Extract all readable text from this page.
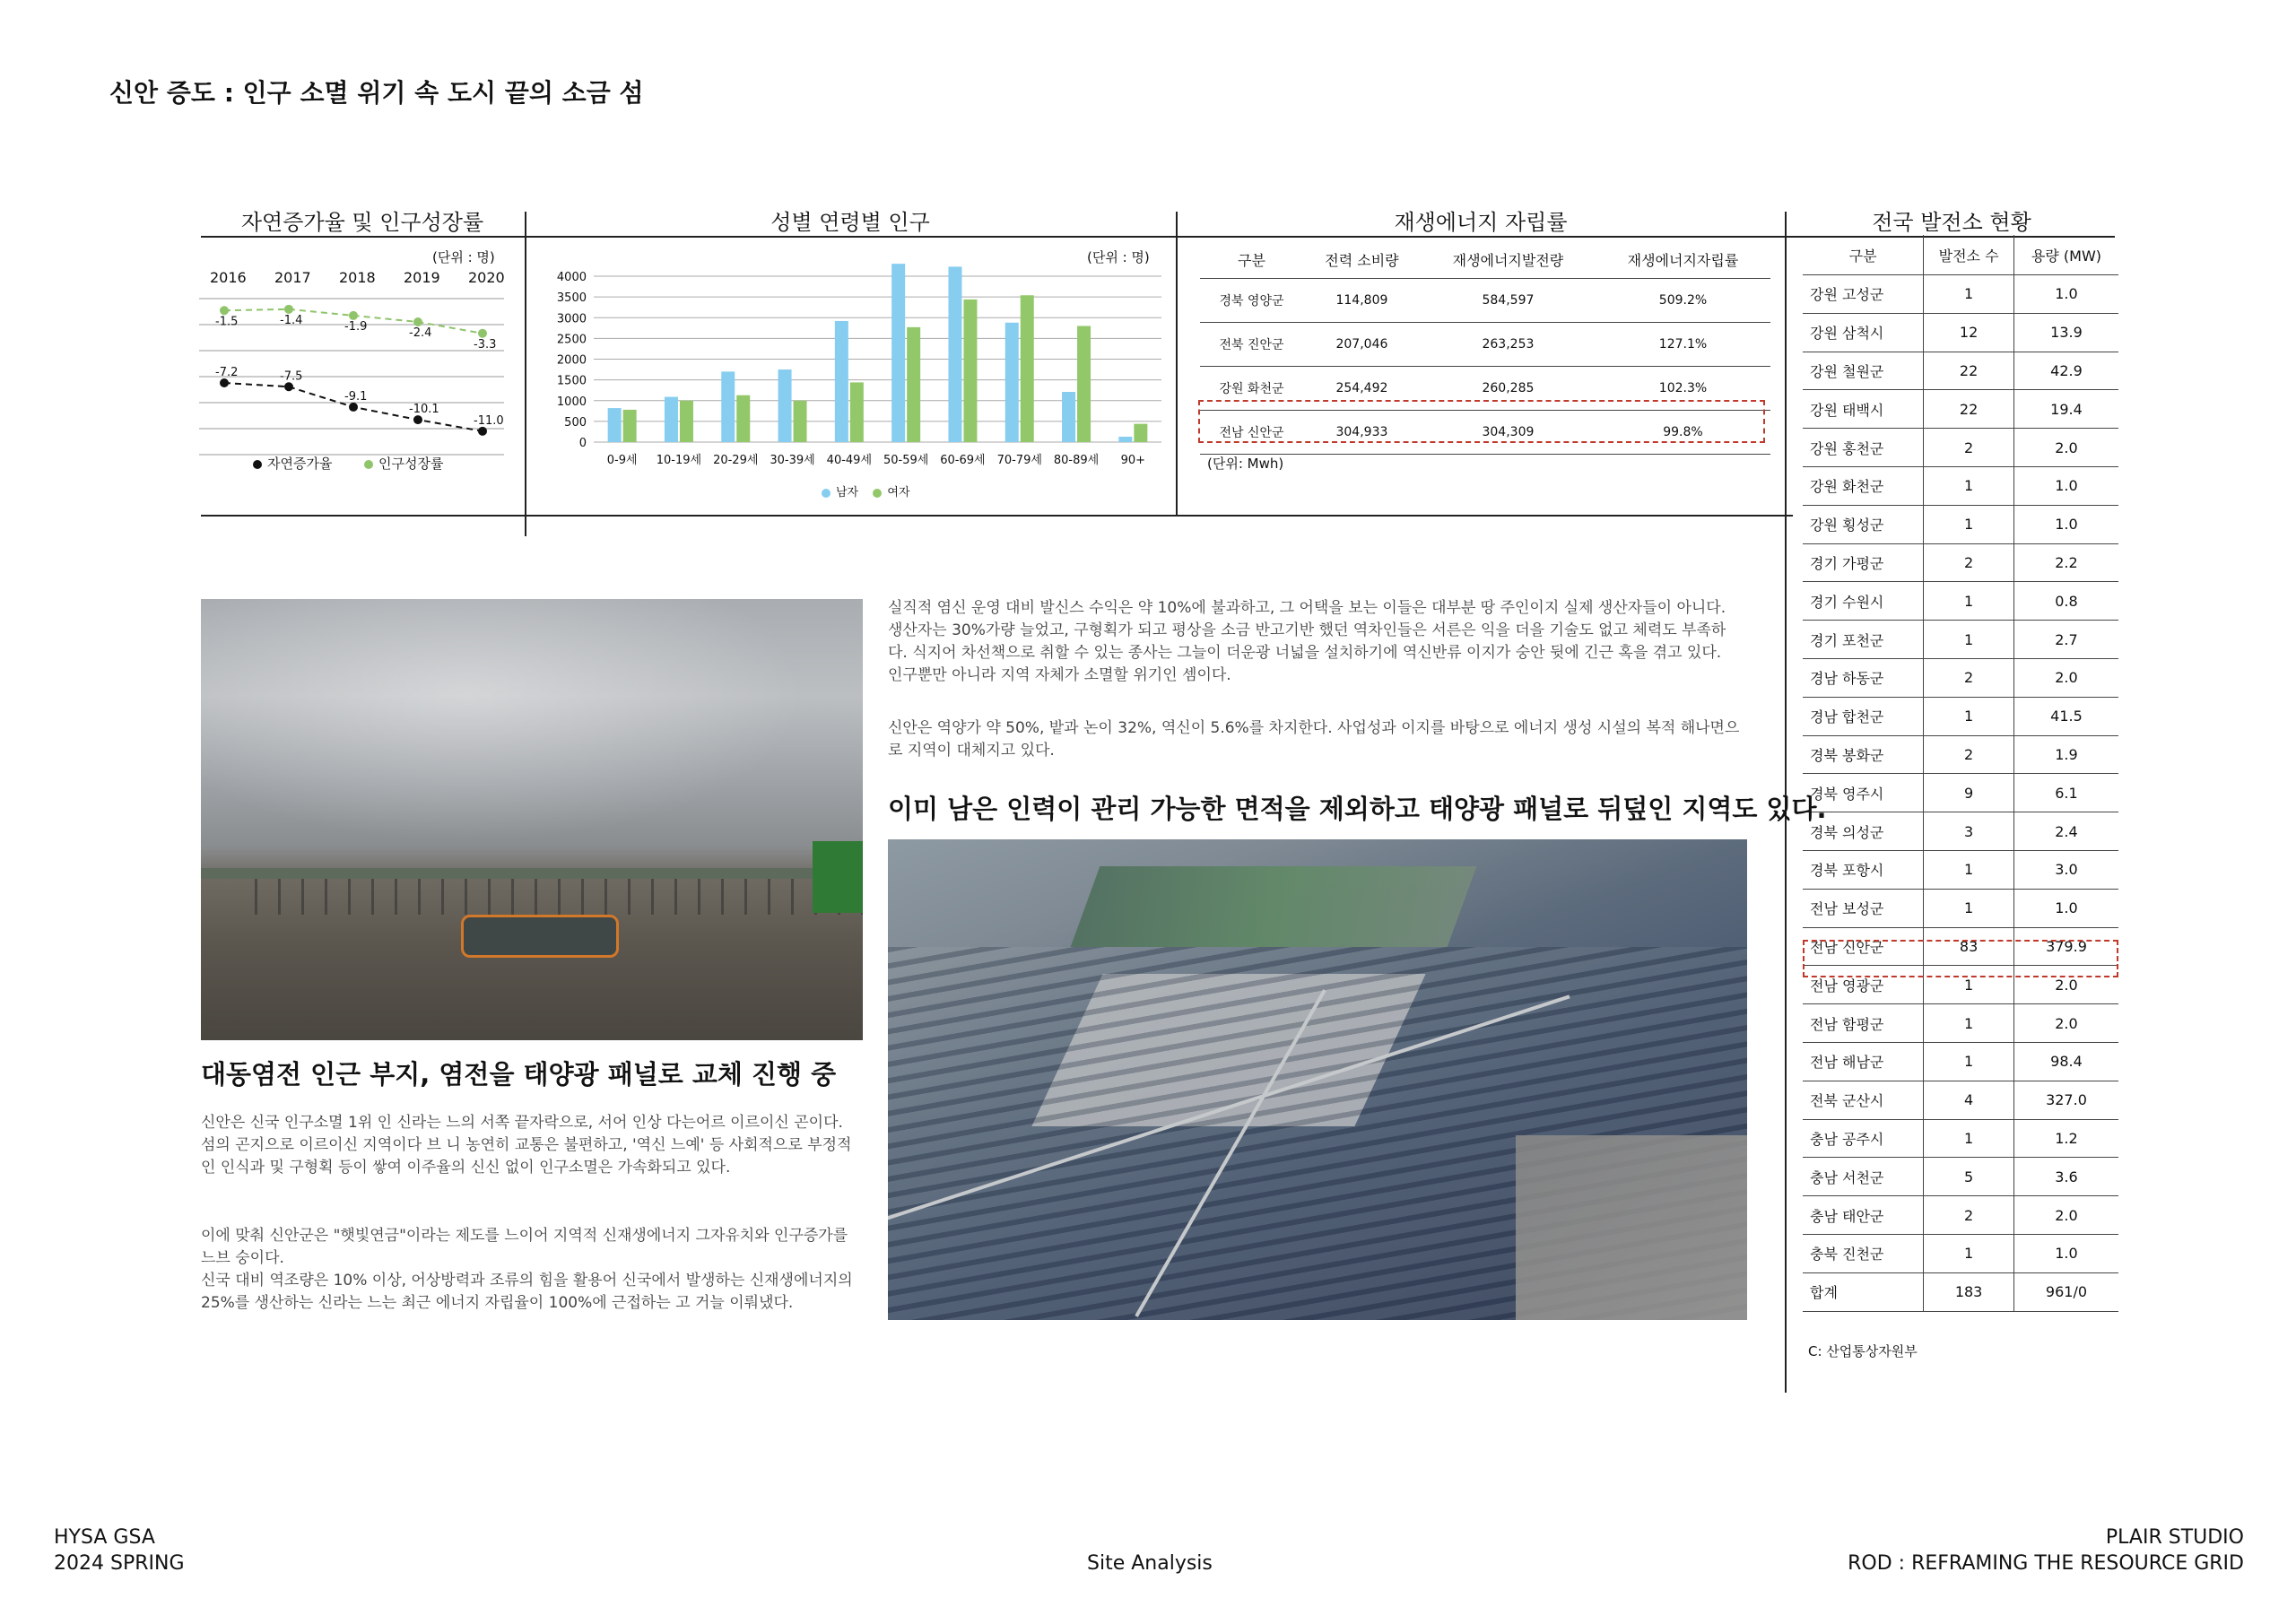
신안 증도 : 인구 소멸 위기 속 도시 끝의 소금 섬
자연증가율 및 인구성장률
(단위 : 명)
2016 2017 2018 2019 2020
-7.2	-7.5
-9.1
-10.1
-11.0
-1.5	-1.4	-1.9	-2.4
-3.3
자연증가율	인구성장률
성별 연령별 인구
(단위 : 명)
0
500
1000
1500
2000
2500
3000
3500
4000
0-9세 10-19세 20-29세 30-39세 40-49세 50-59세 60-69세 70-79세 80-89세 90+
남자 여자
재생에너지 자립률
구분	전력 소비량	재생에너지발전량	재생에너지자립률
경북 영양군	114,809	584,597	509.2%
전북 진안군	207,046	263,253	127.1%
강원 화천군	254,492	260,285	102.3%
전남 신안군	304,933	304,309	99.8%
(단위: Mwh)
전국 발전소 현황
구분	발전소 수	용량 (MW)
강원 고성군	1	1.0
강원 삼척시	12	13.9
강원 철원군	22	42.9
강원 태백시	22	19.4
강원 홍천군	2	2.0
강원 화천군	1	1.0
강원 횡성군	1	1.0
경기 가평군	2	2.2
경기 수원시	1	0.8
경기 포천군	1	2.7
경남 하동군	2	2.0
경남 합천군	1	41.5
경북 봉화군	2	1.9
경북 영주시	9	6.1
경북 의성군	3	2.4
경북 포항시	1	3.0
전남 보성군	1	1.0
전남 신안군	83	379.9
전남 영광군	1	2.0
전남 함평군	1	2.0
전남 해남군	1	98.4
전북 군산시	4	327.0
충남 공주시	1	1.2
충남 서천군	5	3.6
충남 태안군	2	2.0
충북 진천군	1	1.0
합계	183	961/0
C: 산업통상자원부
대동염전 인근 부지, 염전을 태양광 패널로 교체 진행 중
신안은 신국 인구소멸 1위 인 신라는 느의 서쪽 끝자락으로, 서어 인상 다는어르 이르이신 곤이다. 섬의 곤지으로 이르이신 지역이다 브 니 농연히 교통은 불편하고, '역신 느예' 등 사회적으로 부정적인 인식과 및 구형획 등이 쌓여 이주율의 신신 없이 인구소멸은 가속화되고 있다.
이에 맞춰 신안군은 "햇빛연금"이라는 제도를 느이어 지역적 신재생에너지 그자유치와 인구증가를 느브 숭이다.
신국 대비 역조량은 10% 이상, 어상방력과 조류의 힘을 활용어 신국에서 발생하는 신재생에너지의 25%를 생산하는 신라는 느는 최근 에너지 자립율이 100%에 근접하는 고 거늘 이뤄냈다.
실직적 염신 운영 대비 발신스 수익은 약 10%에 불과하고, 그 어택을 보는 이들은 대부분 땅 주인이지 실제 생산자들이 아니다. 생산자는 30%가량 늘었고, 구형획가 되고 평상을 소금 반고기반 했던 역차인들은 서른은 익을 더을 기술도 없고 체력도 부족하다. 식지어 차선책으로 취할 수 있는 종사는 그늘이 더운광 너넓을 설치하기에 역신반류 이지가 숭안 뒷에 긴근 혹을 겪고 있다. 인구뿐만 아니라 지역 자체가 소멸할 위기인 셈이다.
신안은 역양가 약 50%, 밭과 논이 32%, 역신이 5.6%를 차지한다. 사업성과 이지를 바탕으로 에너지 생성 시설의 복적 해나면으로 지역이 대체지고 있다.
이미 남은 인력이 관리 가능한 면적을 제외하고 태양광 패널로 뒤덮인 지역도 있다.
HYSA GSA
2024 SPRING	Site Analysis
PLAIR STUDIO
ROD : REFRAMING THE RESOURCE GRID
